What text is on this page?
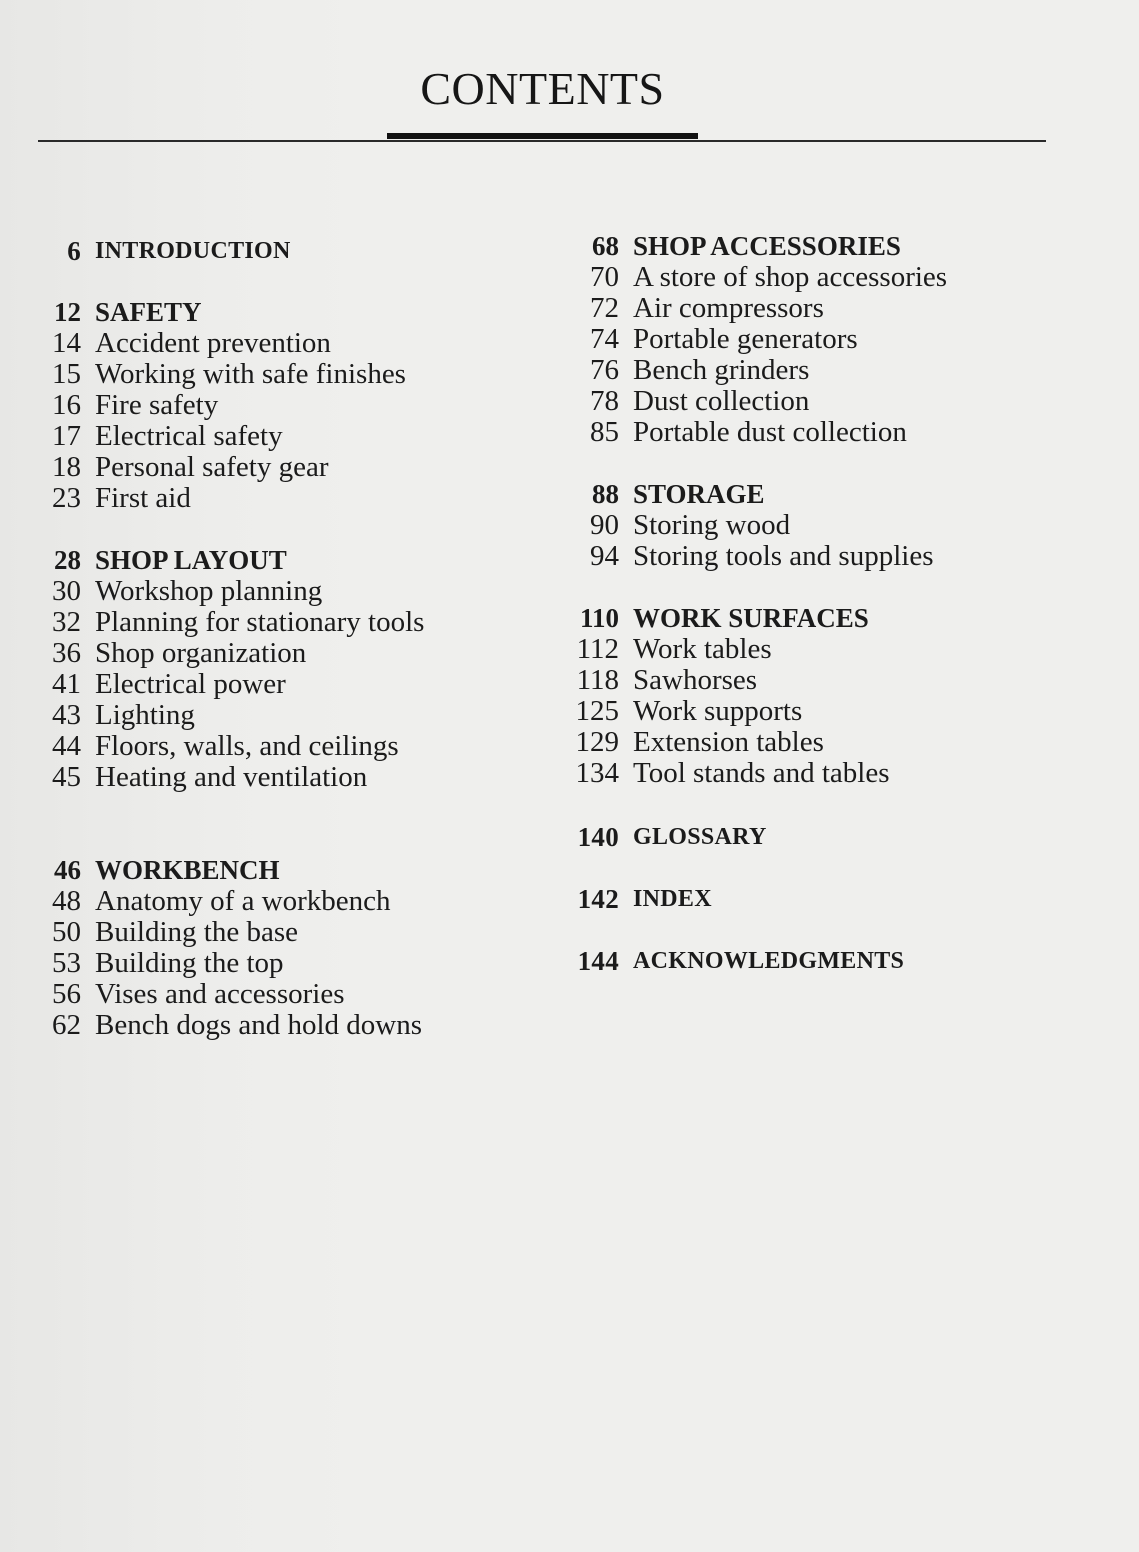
CONTENTS
6 INTRODUCTION
12 SAFETY
14 Accident prevention
15 Working with safe finishes
16 Fire safety
17 Electrical safety
18 Personal safety gear
23 First aid
28 SHOP LAYOUT
30 Workshop planning
32 Planning for stationary tools
36 Shop organization
41 Electrical power
43 Lighting
44 Floors, walls, and ceilings
45 Heating and ventilation
46 WORKBENCH
48 Anatomy of a workbench
50 Building the base
53 Building the top
56 Vises and accessories
62 Bench dogs and hold downs
68 SHOP ACCESSORIES
70 A store of shop accessories
72 Air compressors
74 Portable generators
76 Bench grinders
78 Dust collection
85 Portable dust collection
88 STORAGE
90 Storing wood
94 Storing tools and supplies
110 WORK SURFACES
112 Work tables
118 Sawhorses
125 Work supports
129 Extension tables
134 Tool stands and tables
140 GLOSSARY
142 INDEX
144 ACKNOWLEDGMENTS
